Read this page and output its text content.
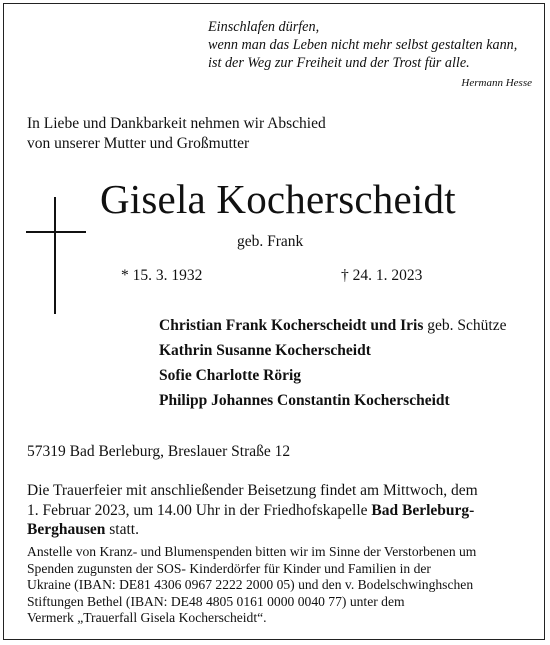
Einschlafen dürfen,
wenn man das Leben nicht mehr selbst gestalten kann,
ist der Weg zur Freiheit und der Trost für alle.
Hermann Hesse
In Liebe und Dankbarkeit nehmen wir Abschied
von unserer Mutter und Großmutter
Gisela Kocherscheidt
geb. Frank
* 15. 3. 1932	† 24. 1. 2023
Christian Frank Kocherscheidt und Iris geb. Schütze
Kathrin Susanne Kocherscheidt
Sofie Charlotte Rörig
Philipp Johannes Constantin Kocherscheidt
57319 Bad Berleburg, Breslauer Straße 12
Die Trauerfeier mit anschließender Beisetzung findet am Mittwoch, dem
1. Februar 2023, um 14.00 Uhr in der Friedhofskapelle Bad Berleburg-
Berghausen statt.
Anstelle von Kranz- und Blumenspenden bitten wir im Sinne der Verstorbenen um
Spenden zugunsten der SOS- Kinderdörfer für Kinder und Familien in der
Ukraine (IBAN: DE81 4306 0967 2222 2000 05) und den v. Bodelschwinghschen
Stiftungen Bethel (IBAN: DE48 4805 0161 0000 0040 77) unter dem
Vermerk „Trauerfall Gisela Kocherscheidt“.
